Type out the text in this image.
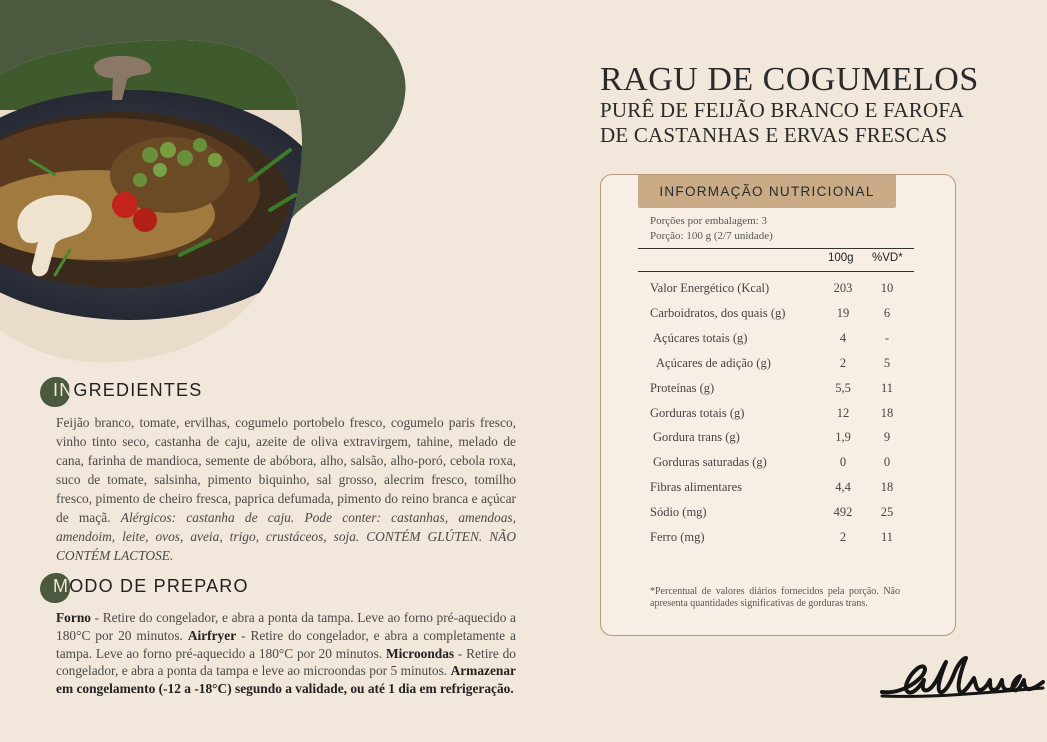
INGREDIENTES
Feijão branco, tomate, ervilhas, cogumelo portobelo fresco, cogumelo paris fresco, vinho tinto seco, castanha de caju, azeite de oliva extravirgem, tahine, melado de cana, farinha de mandioca, semente de abóbora, alho, salsão, alho-poró, cebola roxa, suco de tomate, salsinha, pimento biquinho, sal grosso, alecrim fresco, tomilho fresco, pimento de cheiro fresca, paprica defumada, pimento do reino branca e açúcar de maçã. Alérgicos: castanha de caju. Pode conter: castanhas, amendoas, amendoim, leite, ovos, aveia, trigo, crustáceos, soja. CONTÉM GLÚTEN. NÃO CONTÉM LACTOSE.
MODO DE PREPARO
Forno - Retire do congelador, e abra a ponta da tampa. Leve ao forno pré-aquecido a 180°C por 20 minutos. Airfryer - Retire do congelador, e abra a completamente a tampa. Leve ao forno pré-aquecido a 180°C por 20 minutos. Microondas - Retire do congelador, e abra a ponta da tampa e leve ao microondas por 5 minutos. Armazenar em congelamento (-12 a -18°C) segundo a validade, ou até 1 dia em refrigeração.
RAGU DE COGUMELOS
PURÊ DE FEIJÃO BRANCO E FAROFA
DE CASTANHAS E ERVAS FRESCAS
INFORMAÇÃO NUTRICIONAL
Porções por embalagem: 3
Porção: 100 g (2/7 unidade)
100g %VD*
Valor Energético (Kcal)	203	10
Carboidratos, dos quais (g)	19	6
Açúcares totais (g)	4	-
Açúcares de adição (g)	2	5
Proteínas (g)	5,5	11
Gorduras totais (g)	12	18
Gordura trans (g)	1,9	9
Gorduras saturadas (g)	0	0
Fibras alimentares	4,4	18
Sódio (mg)	492	25
Ferro (mg)	2	11
*Percentual de valores diários fornecidos pela porção. Não apresenta quantidades significativas de gorduras trans.
